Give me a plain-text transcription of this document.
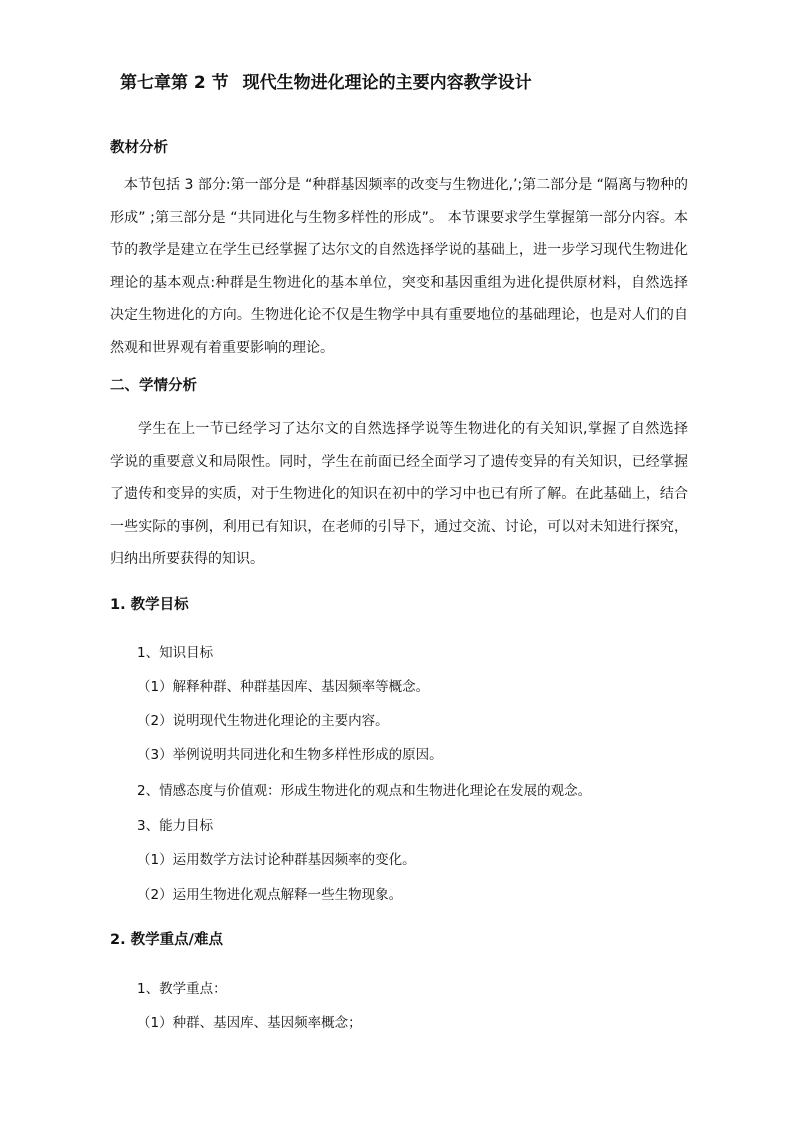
第七章第 2 节 现代生物进化理论的主要内容教学设计
教材分析

本节包括 3 部分:第一部分是 “种群基因频率的改变与生物进化,’;第二部分是 “隔离与物种的形成” ;第三部分是 “共同进化与生物多样性的形成”。 本节课要求学生掌握第一部分内容。本节的教学是建立在学生已经掌握了达尔文的自然选择学说的基础上，进一步学习现代生物进化理论的基本观点:种群是生物进化的基本单位，突变和基因重组为进化提供原材料，自然选择决定生物进化的方向。生物进化论不仅是生物学中具有重要地位的基础理论，也是对人们的自然观和世界观有着重要影响的理论。

二、学情分析

学生在上一节已经学习了达尔文的自然选择学说等生物进化的有关知识,掌握了自然选择学说的重要意义和局限性。同时，学生在前面已经全面学习了遗传变异的有关知识，已经掌握了遗传和变异的实质，对于生物进化的知识在初中的学习中也已有所了解。在此基础上，结合一些实际的事例，利用已有知识，在老师的引导下，通过交流、讨论，可以对未知进行探究，归纳出所要获得的知识。

1. 教学目标

1、知识目标

（1）解释种群、种群基因库、基因频率等概念。

（2）说明现代生物进化理论的主要内容。

（3）举例说明共同进化和生物多样性形成的原因。

2、情感态度与价值观：形成生物进化的观点和生物进化理论在发展的观念。

3、能力目标

（1）运用数学方法讨论种群基因频率的变化。

（2）运用生物进化观点解释一些生物现象。

2. 教学重点/难点

1、教学重点：

（1）种群、基因库、基因频率概念；
